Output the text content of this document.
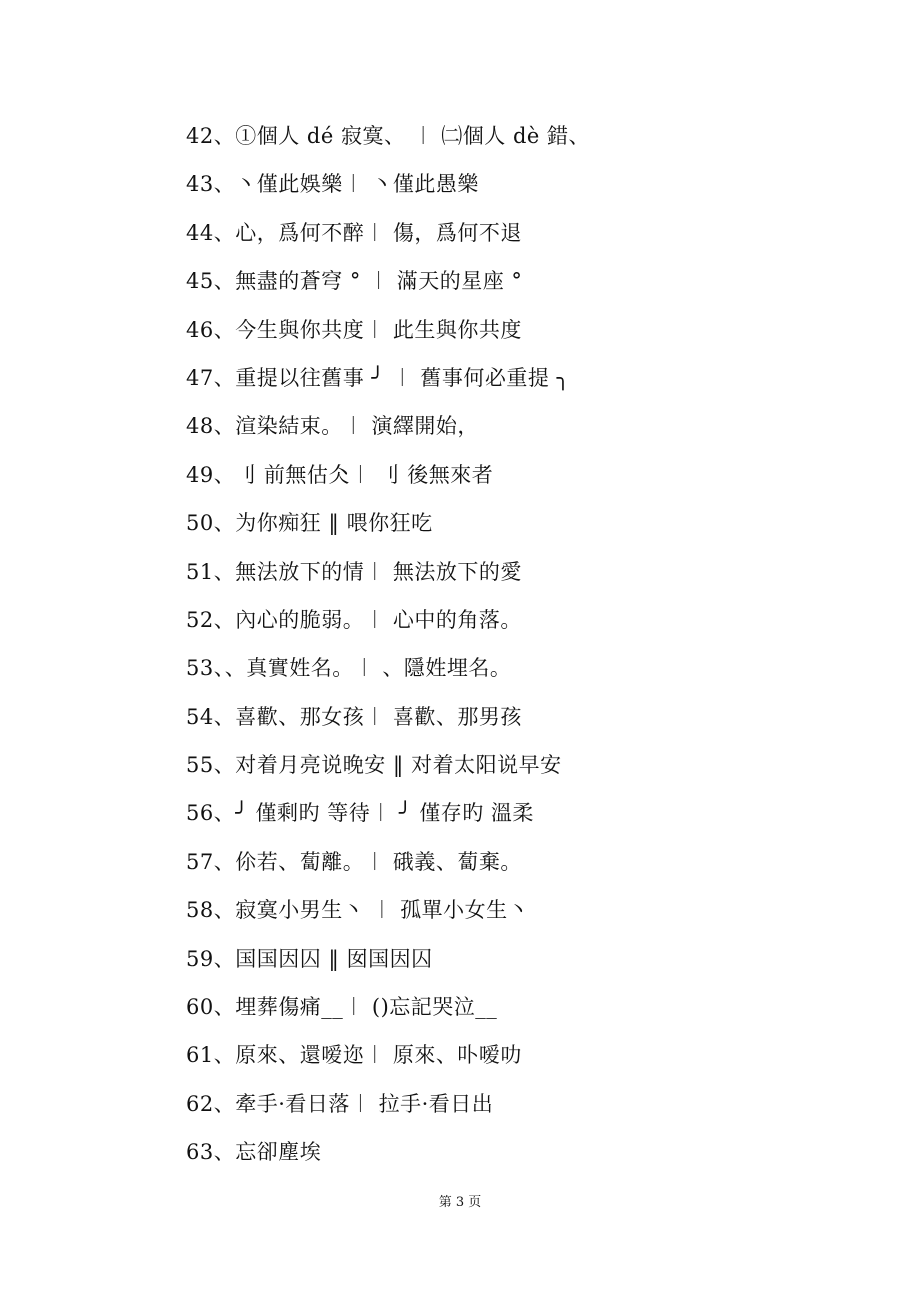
42、①個人 dé 寂寞、 ︱ ㈡個人 dè 錯、
43、丶僅此娛樂︱ 丶僅此愚樂
44、心，爲何不醉︱ 傷，爲何不退
45、無盡的蒼穹 ° ︱ 滿天的星座 °
46、今生與你共度︱ 此生與你共度
47、重提以往舊事 ╯ ︱ 舊事何必重提 ╮
48、渲染結束。︱ 演繹開始，
49、刂 前無估仌︱ 刂 後無來者
50、为你痴狂 ‖ 喂你狂吃
51、無法放下的情︱ 無法放下的愛
52、內心的脆弱。︱ 心中的角落。
53、、真實姓名。︱ 、隱姓埋名。
54、喜歡、那女孩︱ 喜歡、那男孩
55、对着月亮说晚安 ‖ 对着太阳说早安
56、╯ 僅剩旳 等待︱ ╯ 僅存旳 溫柔
57、伱若、蔔離。︱ 硪義、蔔棄。
58、寂寞小男生丶 ︱ 孤單小女生丶
59、国国因囚 ‖ 囡国因囚
60、埋葬傷痛__︱ ()忘記哭泣__
61、原來、還嗳迩︱ 原來、卟嗳叻
62、牽手·看日落︱ 拉手·看日出
63、忘卻塵埃
第 3 页
